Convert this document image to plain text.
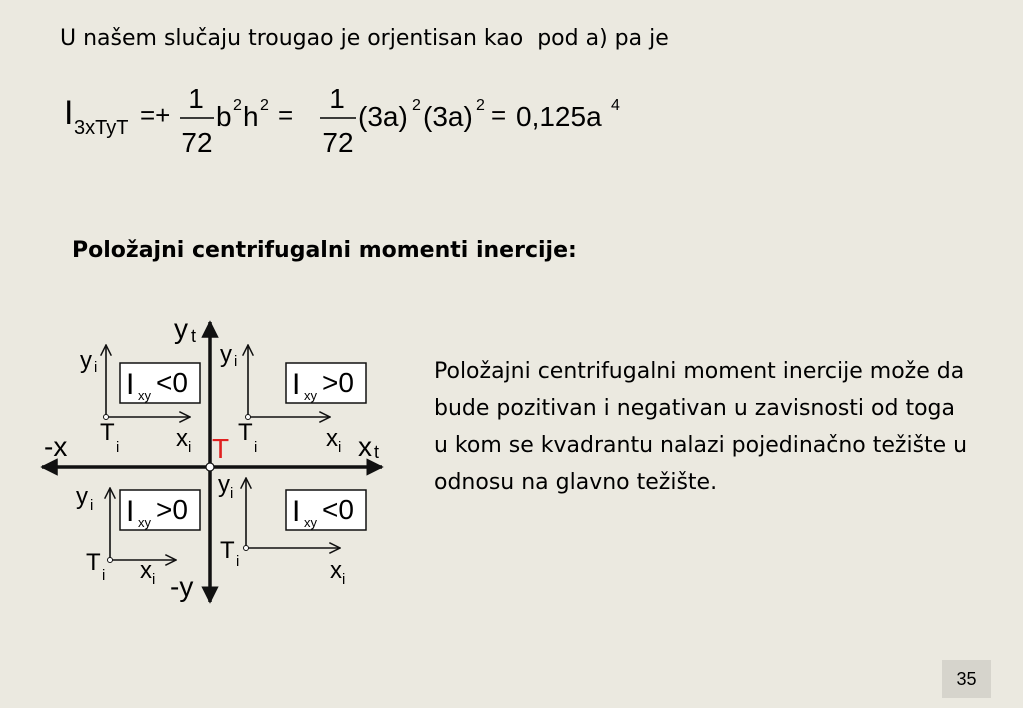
U našem slučaju trougao je orjentisan kao  pod a) pa je
I 3xTyT =+
1
72
b 2 h 2 =
1
72
(3a) 2 (3a) 2 = 0,125a 4
Položajni centrifugalni momenti inercije:
Položajni centrifugalni moment inercije može da bude pozitivan i negativan u zavisnosti od toga u kom se kvadrantu nalazi pojedinačno težište u odnosu na glavno težište.
y t
x t
-x
-y
T
y i
T
i x i
I xy <0
y i
T
i	x i
I xy >0
y i
T i x i
I xy >0
y i
T i	x i
I xy <0
35
